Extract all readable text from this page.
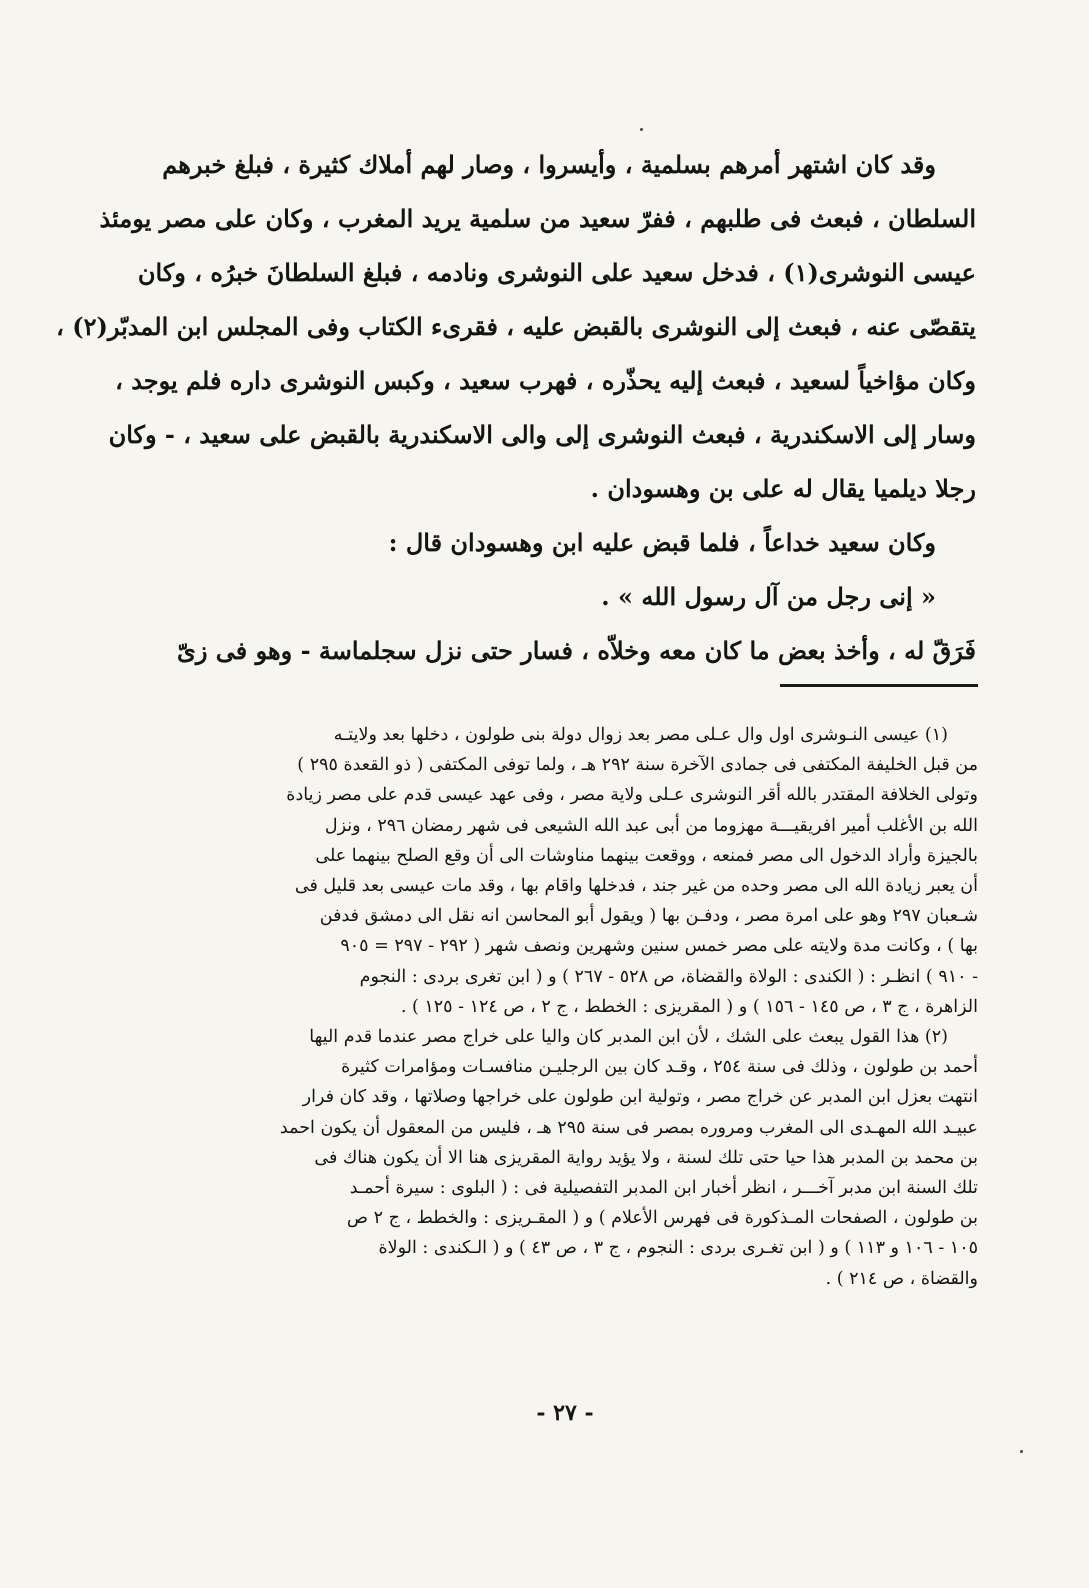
وقد كان اشتهر أمرهم بسلمية ، وأيسروا ، وصار لهم أملاك كثيرة ، فبلغ خبرهم
السلطان ، فبعث فى طلبهم ، ففرّ سعيد من سلمية يريد المغرب ، وكان على مصر يومئذ
عيسى النوشرى(١) ، فدخل سعيد على النوشرى ونادمه ، فبلغ السلطانَ خبرُه ، وكان
يتقصّى عنه ، فبعث إلى النوشرى بالقبض عليه ، فقرىء الكتاب وفى المجلس ابن المدبّر(٢) ،
وكان مؤاخياً لسعيد ، فبعث إليه يحذّره ، فهرب سعيد ، وكبس النوشرى داره فلم يوجد ،
وسار إلى الاسكندرية ، فبعث النوشرى إلى والى الاسكندرية بالقبض على سعيد ، - وكان
رجلا ديلميا يقال له على بن وهسودان .
وكان سعيد خداعاً ، فلما قبض عليه ابن وهسودان قال :
« إنى رجل من آل رسول الله » .
فَرَقّ له ، وأخذ بعض ما كان معه وخلاّه ، فسار حتى نزل سجلماسة - وهو فى زىّ
(١) عيسى النـوشرى اول وال عـلى مصر بعد زوال دولة بنى طولون ، دخلها بعد ولايتـه
من قبل الخليفة المكتفى فى جمادى الآخرة سنة ٢٩٢ هـ ، ولما توفى المكتفى ( ذو القعدة ٢٩٥ )
وتولى الخلافة المقتدر بالله أقر النوشرى عـلى ولاية مصر ، وفى عهد عيسى قدم على مصر زيادة
الله بن الأغلب أمير افريقيـــة مهزوما من أبى عبد الله الشيعى فى شهر رمضان ٢٩٦ ، ونزل
بالجيزة وأراد الدخول الى مصر فمنعه ، ووقعت بينهما مناوشات الى أن وقع الصلح بينهما على
أن يعبر زيادة الله الى مصر وحده من غير جند ، فدخلها واقام بها ، وقد مات عيسى بعد قليل فى
شـعبان ٢٩٧ وهو على امرة مصر ، ودفـن بها ( ويقول أبو المحاسن انه نقل الى دمشق فدفن
بها ) ، وكانت مدة ولايته على مصر خمس سنين وشهرين ونصف شهر ( ٢٩٢ - ٢٩٧ = ٩٠٥
- ٩١٠ ) انظـر : ( الكندى : الولاة والقضاة، ص ٥٢٨ - ٢٦٧ ) و ( ابن تغرى بردى : النجوم
الزاهرة ، ج ٣ ، ص ١٤٥ - ١٥٦ ) و ( المقريزى : الخطط ، ج ٢ ، ص ١٢٤ - ١٢٥ ) .
(٢) هذا القول يبعث على الشك ، لأن ابن المدبر كان واليا على خراج مصر عندما قدم اليها
أحمد بن طولون ، وذلك فى سنة ٢٥٤ ، وقـد كان بين الرجليـن منافسـات ومؤامرات كثيرة
انتهت بعزل ابن المدبر عن خراج مصر ، وتولية ابن طولون على خراجها وصلاتها ، وقد كان فرار
عبيـد الله المهـدى الى المغرب ومروره بمصر فى سنة ٢٩٥ هـ ، فليس من المعقول أن يكون احمد
بن محمد بن المدبر هذا حيا حتى تلك لسنة ، ولا يؤيد رواية المقريزى هنا الا أن يكون هناك فى
تلك السنة ابن مدبر آخـــر ، انظر أخبار ابن المدبر التفصيلية فى : ( البلوى : سيرة أحمـد
بن طولون ، الصفحات المـذكورة فى فهرس الأعلام ) و ( المقـريزى : والخطط ، ج ٢ ص
١٠٥ - ١٠٦ و ١١٣ ) و ( ابن تغـرى بردى : النجوم ، ج ٣ ، ص ٤٣ ) و ( الـكندى : الولاة
والقضاة ، ص ٢١٤ ) .
- ٢٧ -
